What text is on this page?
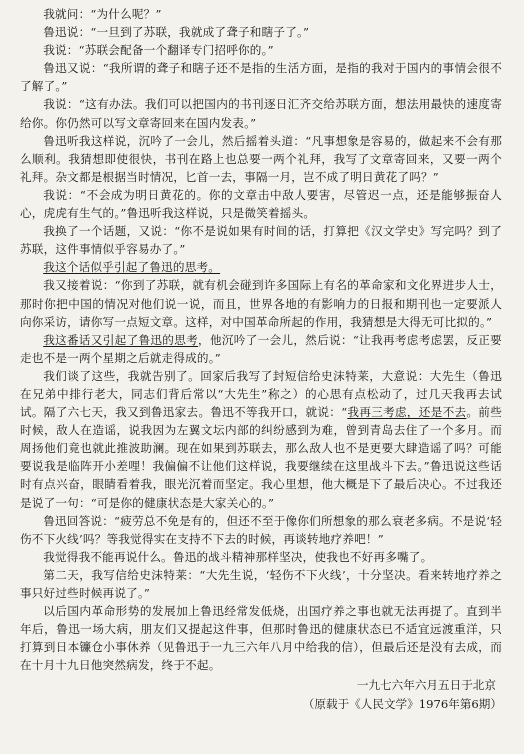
我就问：“为什么呢？”

鲁迅说：“一旦到了苏联，我就成了聋子和瞎子了。”

我说：“苏联会配备一个翻译专门招呼你的。”

鲁迅又说：“我所谓的聋子和瞎子还不是指的生活方面，是指的我对于国内的事情会很不了解了。”

我说：“这有办法。我们可以把国内的书刊逐日汇齐交给苏联方面，想法用最快的速度寄给你。你仍然可以写文章寄回来在国内发表。”

鲁迅听我这样说，沉吟了一会儿，然后摇着头道：“凡事想象是容易的，做起来不会有那么顺利。我猜想即使很快，书刊在路上也总要一两个礼拜，我写了文章寄回来，又要一两个礼拜。杂文都是根据当时情况，匕首一去，事隔一月，岂不成了明日黄花了吗？”

我说：“不会成为明日黄花的。你的文章击中敌人要害，尽管迟一点，还是能够振奋人心，虎虎有生气的。”鲁迅听我这样说，只是微笑着摇头。

我换了一个话题，又说：“你不是说如果有时间的话，打算把《汉文学史》写完吗？到了苏联，这件事情似乎容易办了。”

我这个话似乎引起了鲁迅的思考。

我又接着说：“你到了苏联，就有机会碰到许多国际上有名的革命家和文化界进步人士，那时你把中国的情况对他们说一说，而且，世界各地的有影响力的日报和期刊也一定要派人向你采访，请你写一点短文章。这样，对中国革命所起的作用，我猜想是大得无可比拟的。”

我这番话又引起了鲁迅的思考，他沉吟了一会儿，然后说：“让我再考虑考虑罢，反正要走也不是一两个星期之后就走得成的。”

我们谈了这些，我就告别了。回家后我写了封短信给史沫特莱，大意说：大先生（鲁迅在兄弟中排行老大，同志们背后常以“大先生”称之）的心思有点松动了，过几天我再去试试。隔了六七天，我又到鲁迅家去。鲁迅不等我开口，就说：“我再三考虑，还是不去。前些时候，敌人在造谣，说我因为左翼文坛内部的纠纷感到为难，曾到青岛去住了一个多月。而周扬他们竟也就此推波助澜。现在如果到苏联去，那么敌人也不是更要大肆造谣了吗？可能要说我是临阵开小差哩！我偏偏不让他们这样说，我要继续在这里战斗下去。”鲁迅说这些话时有点兴奋，眼睛看着我，眼光沉着而坚定。我心里想，他大概是下了最后决心。不过我还是说了一句：“可是你的健康状态是大家关心的。”

鲁迅回答说：“疲劳总不免是有的，但还不至于像你们所想象的那么衰老多病。不是说‘轻伤不下火线’吗？等我觉得实在支持不下去的时候，再谈转地疗养吧！”

我觉得我不能再说什么。鲁迅的战斗精神那样坚决，使我也不好再多嘴了。

第二天，我写信给史沫特莱：“大先生说，‘轻伤不下火线’，十分坚决。看来转地疗养之事只好过些时候再说了。”

以后国内革命形势的发展加上鲁迅经常发低烧，出国疗养之事也就无法再提了。直到半年后，鲁迅一场大病，朋友们又提起这件事，但那时鲁迅的健康状态已不适宜远渡重洋，只打算到日本镰仓小事休养（见鲁迅于一九三六年八月中给我的信），但最后还是没有去成，而在十月十九日他突然病发，终于不起。

一九七六年六月五日于北京

（原载于《人民文学》1976年第6期）
